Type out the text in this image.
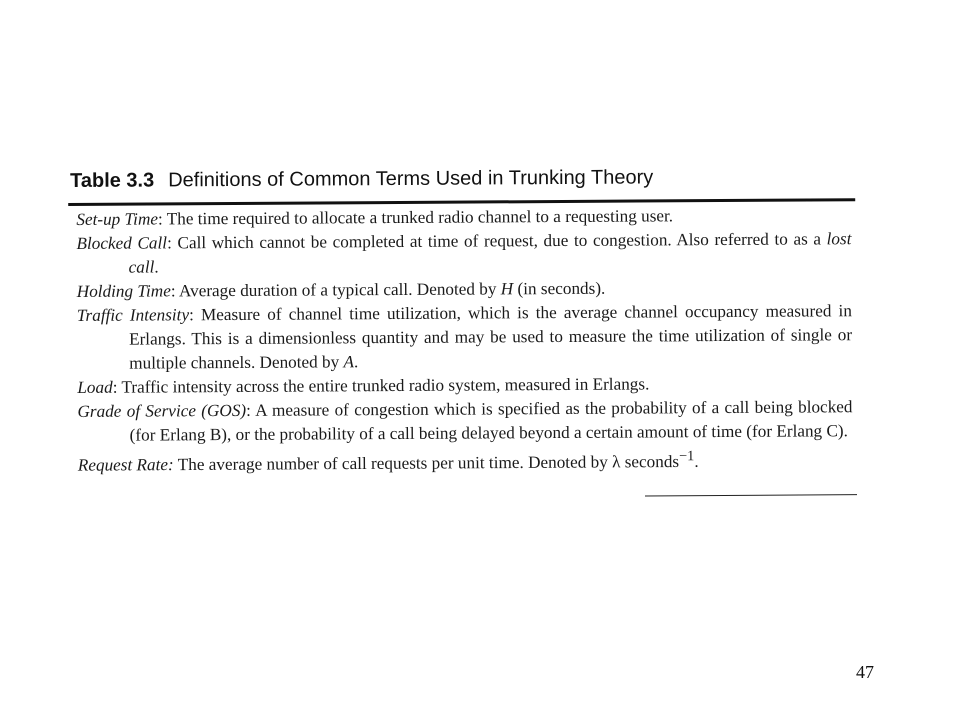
Table 3.3 Definitions of Common Terms Used in Trunking Theory

Set-up Time: The time required to allocate a trunked radio channel to a requesting user.

Blocked Call: Call which cannot be completed at time of request, due to congestion. Also referred to as a lost call.

Holding Time: Average duration of a typical call. Denoted by H (in seconds).

Traffic Intensity: Measure of channel time utilization, which is the average channel occupancy measured in Erlangs. This is a dimensionless quantity and may be used to measure the time utilization of single or multiple channels. Denoted by A.

Load: Traffic intensity across the entire trunked radio system, measured in Erlangs.

Grade of Service (GOS): A measure of congestion which is specified as the probability of a call being blocked (for Erlang B), or the probability of a call being delayed beyond a certain amount of time (for Erlang C).

Request Rate: The average number of call requests per unit time. Denoted by λ seconds$^{-1}$.

47
